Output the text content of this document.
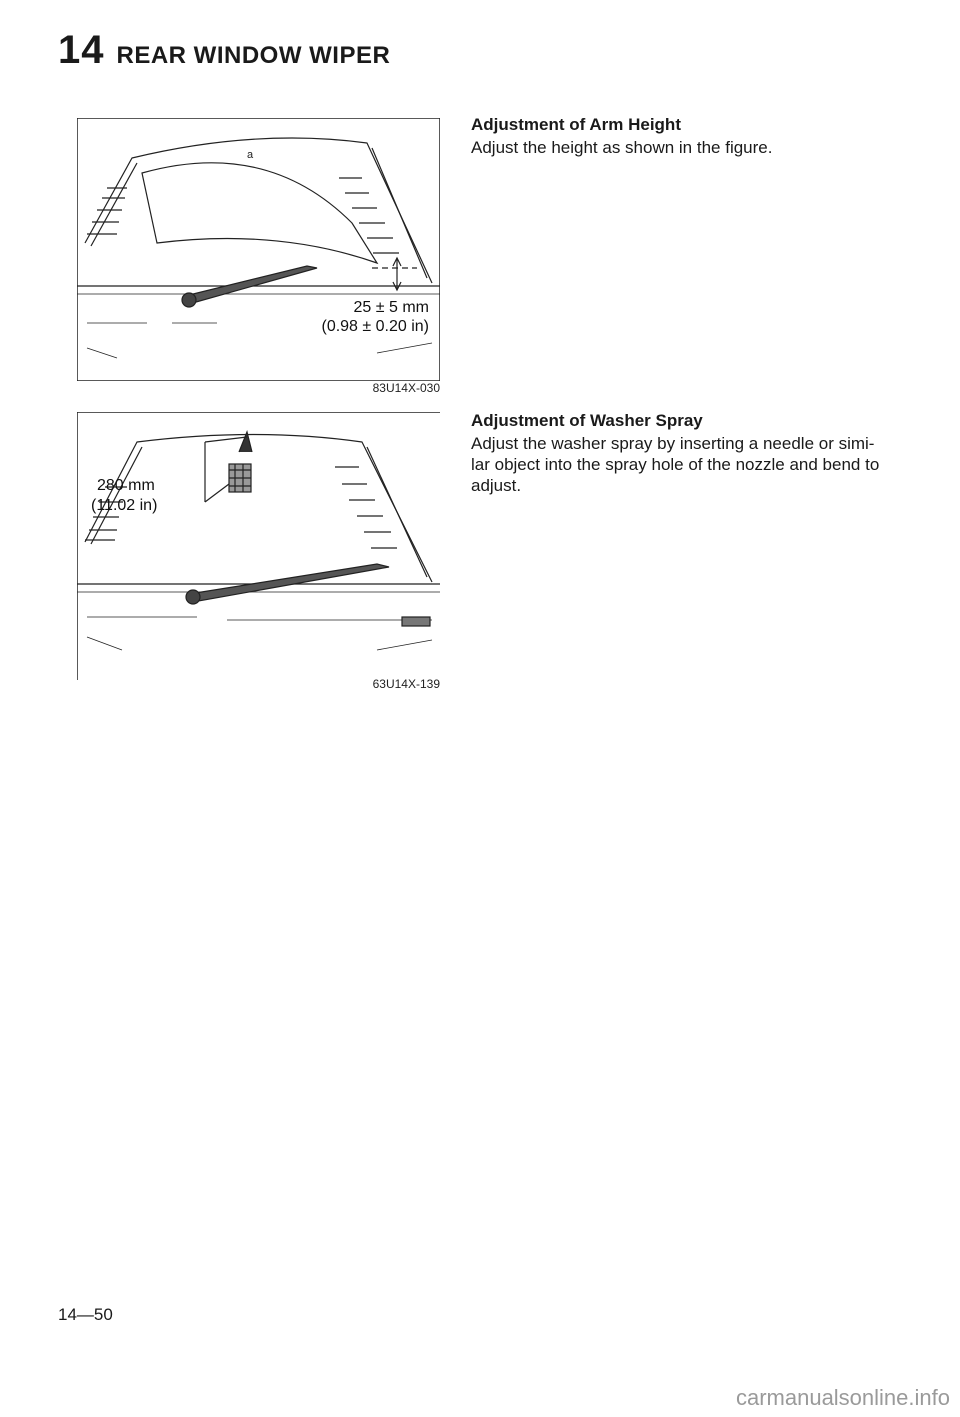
14 REAR WINDOW WIPER
a
25 ± 5 mm
(0.98 ± 0.20 in)
83U14X-030
280 mm
(11.02 in)
63U14X-139
Adjustment of Arm Height

Adjust the height as shown in the figure.

Adjustment of Washer Spray

Adjust the washer spray by inserting a needle or simi-lar object into the spray hole of the nozzle and bend to adjust.

14—50
carmanualsonline.info
